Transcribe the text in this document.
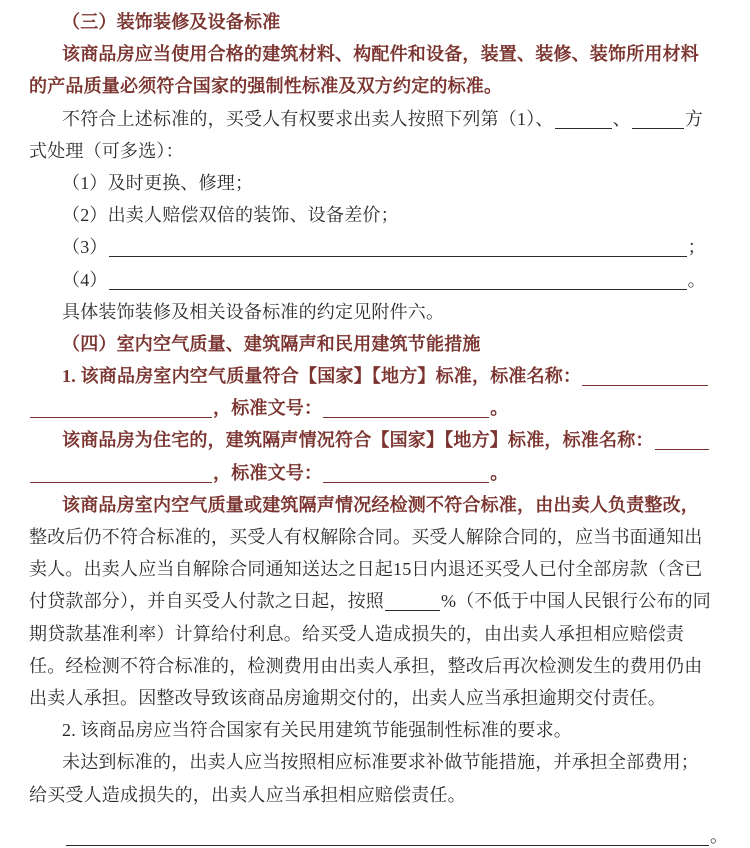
（三）装饰装修及设备标准
该商品房应当使用合格的建筑材料、构配件和设备，装置、装修、装饰所用材料
的产品质量必须符合国家的强制性标准及双方约定的标准。
不符合上述标准的，买受人有权要求出卖人按照下列第（1）、	、	方
式处理（可多选）：
（1）及时更换、修理；
（2）出卖人赔偿双倍的装饰、设备差价；
（3）	；
（4）	。
具体装饰装修及相关设备标准的约定见附件六。
（四）室内空气质量、建筑隔声和民用建筑节能措施
1. 该商品房室内空气质量符合【国家】【地方】标准，标准名称：
，标准文号：	。
该商品房为住宅的，建筑隔声情况符合【国家】【地方】标准，标准名称：
，标准文号：	。
该商品房室内空气质量或建筑隔声情况经检测不符合标准，由出卖人负责整改，
整改后仍不符合标准的，买受人有权解除合同。买受人解除合同的，应当书面通知出
卖人。出卖人应当自解除合同通知送达之日起15日内退还买受人已付全部房款（含已
付贷款部分），并自买受人付款之日起，按照	%（不低于中国人民银行公布的同
期贷款基准利率）计算给付利息。给买受人造成损失的，由出卖人承担相应赔偿责
任。经检测不符合标准的，检测费用由出卖人承担，整改后再次检测发生的费用仍由
出卖人承担。因整改导致该商品房逾期交付的，出卖人应当承担逾期交付责任。
2. 该商品房应当符合国家有关民用建筑节能强制性标准的要求。
未达到标准的，出卖人应当按照相应标准要求补做节能措施，并承担全部费用；
给买受人造成损失的，出卖人应当承担相应赔偿责任。
。
